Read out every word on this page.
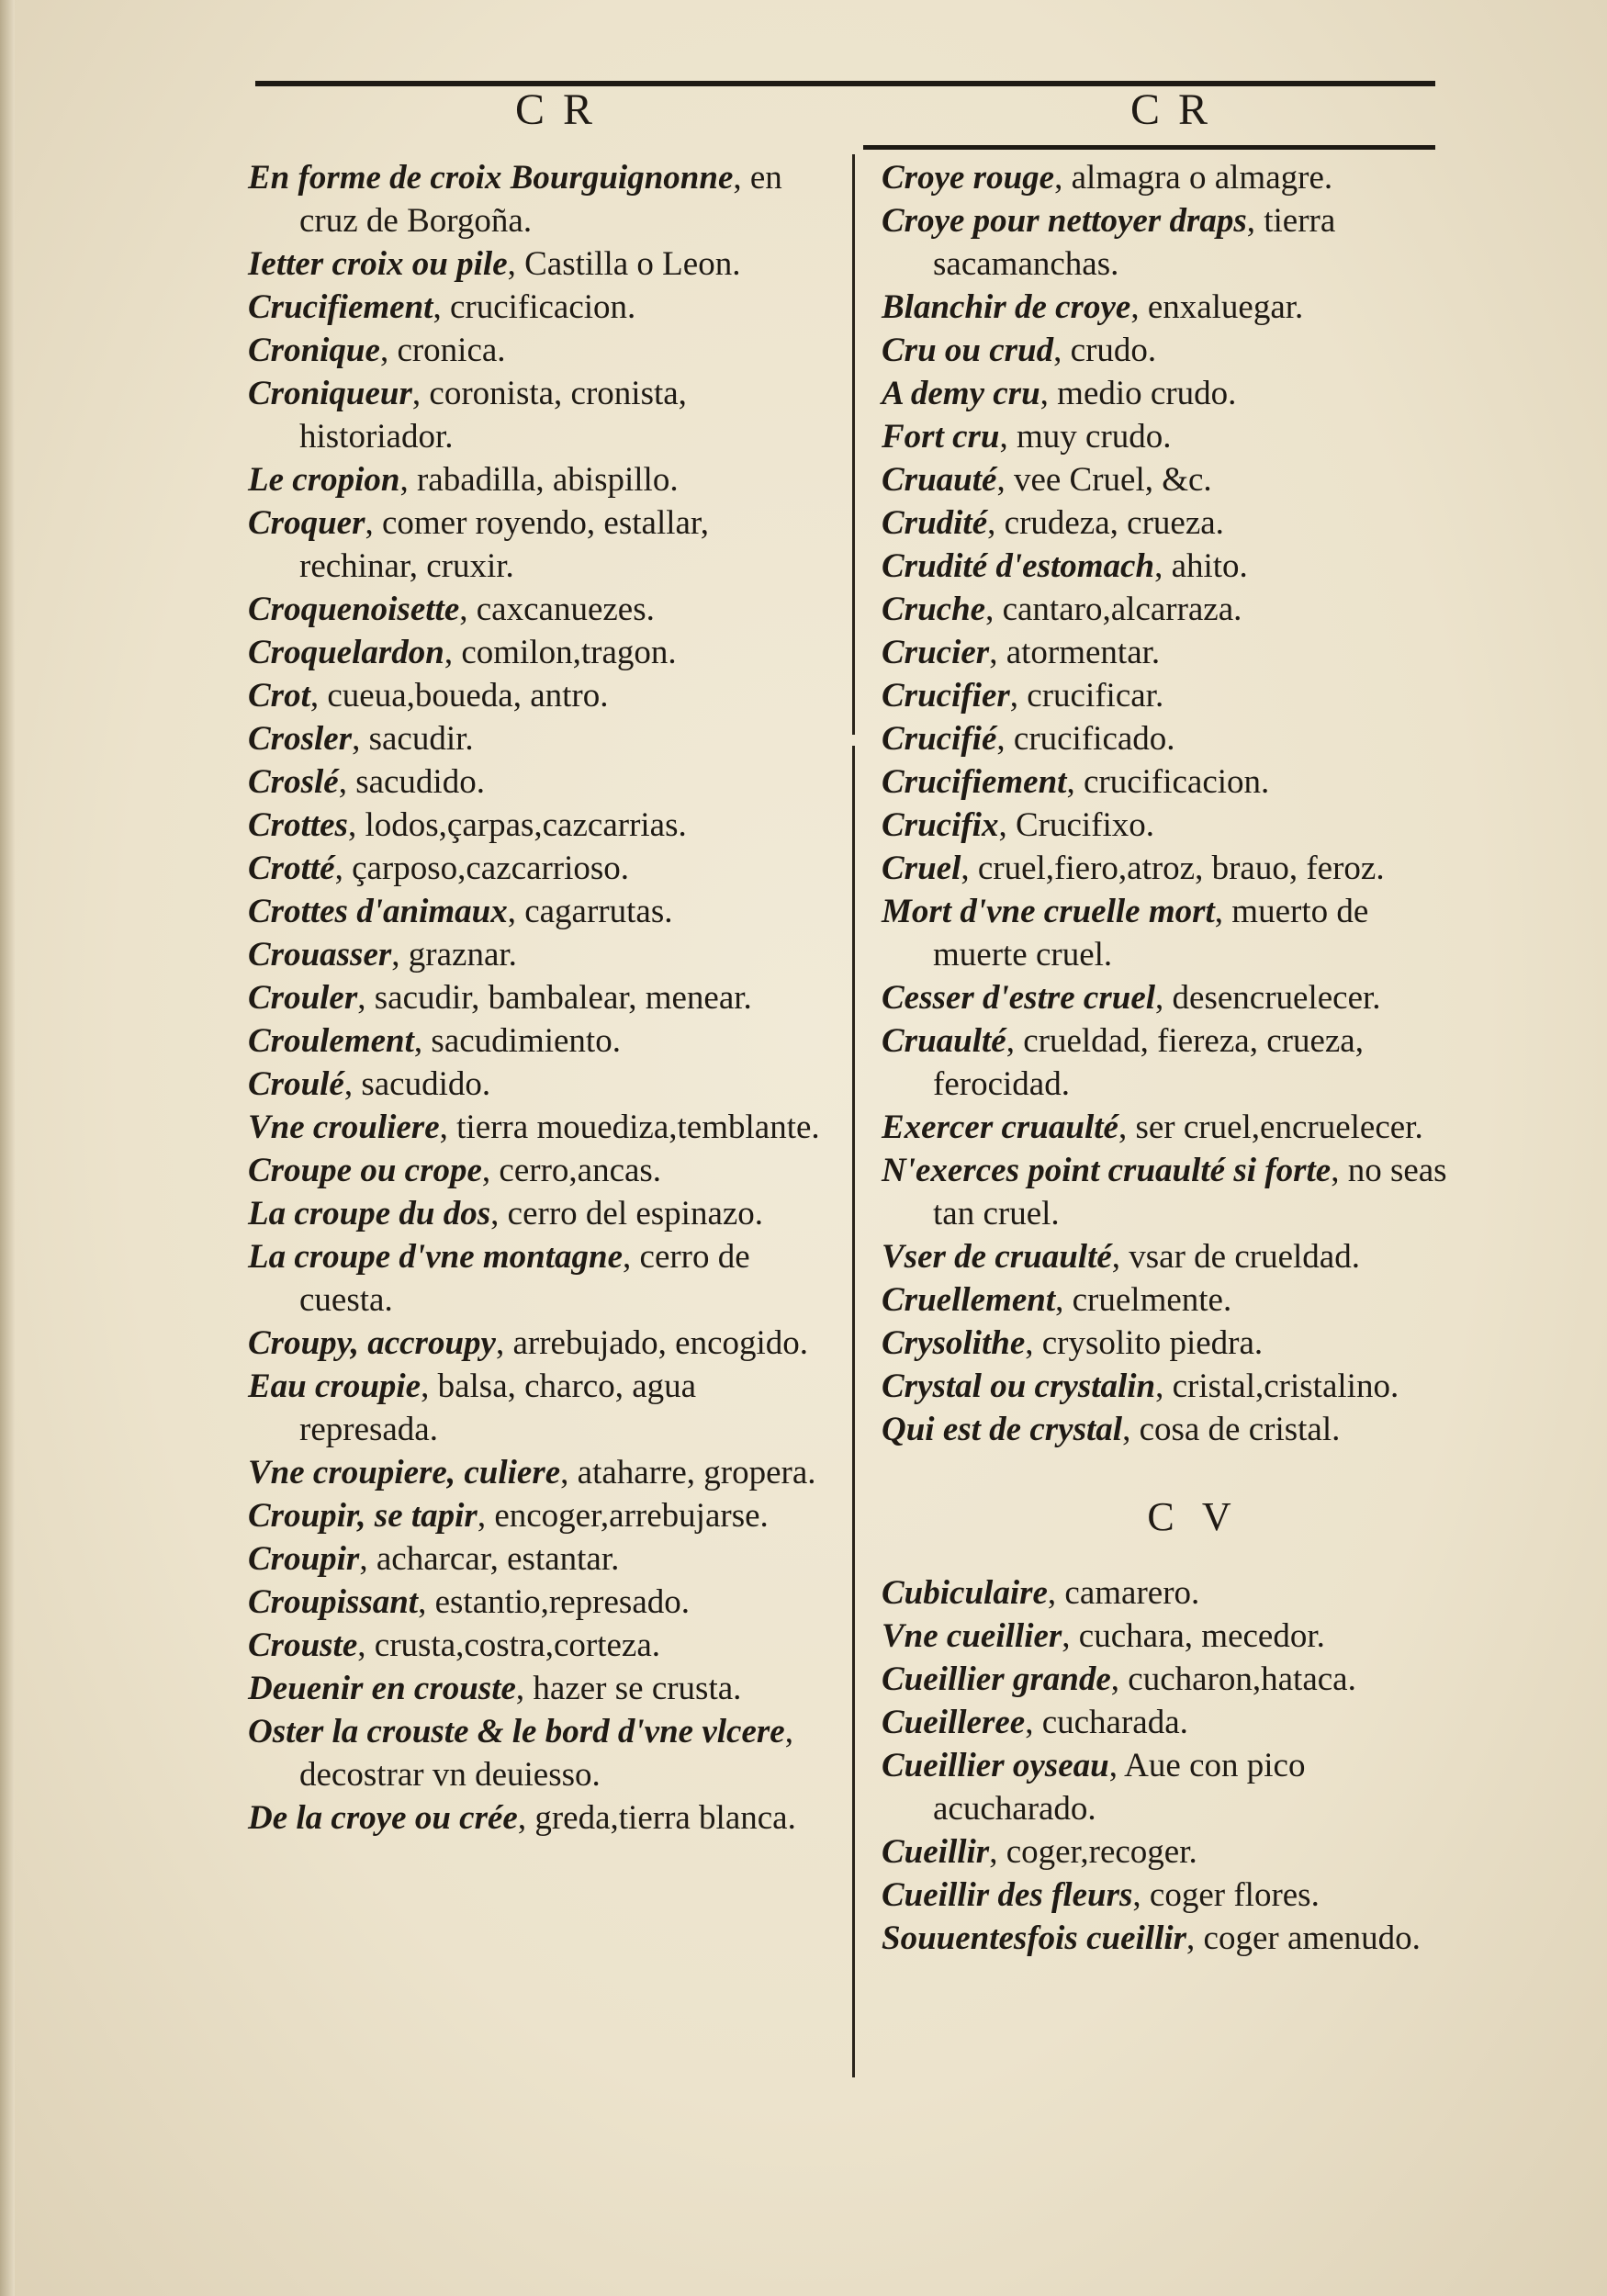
C R	C R

En forme de croix Bourguignonne, en cruz de Borgoña.

Ietter croix ou pile, Castilla o Leon.

Crucifiement, crucificacion.

Cronique, cronica.

Croniqueur, coronista, cronista, historiador.

Le cropion, rabadilla, abispillo.

Croquer, comer royendo, estallar, rechinar, cruxir.

Croquenoisette, caxcanuezes.

Croquelardon, comilon,tragon.

Crot, cueua,boueda, antro.

Crosler, sacudir.

Croslé, sacudido.

Crottes, lodos,çarpas,cazcarrias.

Crotté, çarposo,cazcarrioso.

Crottes d'animaux, cagarrutas.

Crouasser, graznar.

Crouler, sacudir, bambalear, menear.

Croulement, sacudimiento.

Croulé, sacudido.

Vne crouliere, tierra mouediza,temblante.

Croupe ou crope, cerro,ancas.

La croupe du dos, cerro del espinazo.

La croupe d'vne montagne, cerro de cuesta.

Croupy, accroupy, arrebujado, encogido.

Eau croupie, balsa, charco, agua represada.

Vne croupiere, culiere, ataharre, gropera.

Croupir, se tapir, encoger,arrebujarse.

Croupir, acharcar, estantar.

Croupissant, estantio,represado.

Crouste, crusta,costra,corteza.

Deuenir en crouste, hazer se crusta.

Oster la crouste & le bord d'vne vlcere, decostrar vn deuiesso.

De la croye ou crée, greda,tierra blanca.

Croye rouge, almagra o almagre.

Croye pour nettoyer draps, tierra sacamanchas.

Blanchir de croye, enxaluegar.

Cru ou crud, crudo.

A demy cru, medio crudo.

Fort cru, muy crudo.

Cruauté, vee Cruel, &c.

Crudité, crudeza, crueza.

Crudité d'estomach, ahito.

Cruche, cantaro,alcarraza.

Crucier, atormentar.

Crucifier, crucificar.

Crucifié, crucificado.

Crucifiement, crucificacion.

Crucifix, Crucifixo.

Cruel, cruel,fiero,atroz, brauo, feroz.

Mort d'vne cruelle mort, muerto de muerte cruel.

Cesser d'estre cruel, desencruelecer.

Cruaulté, crueldad, fiereza, crueza, ferocidad.

Exercer cruaulté, ser cruel,encruelecer.

N'exerces point cruaulté si forte, no seas tan cruel.

Vser de cruaulté, vsar de crueldad.

Cruellement, cruelmente.

Crysolithe, crysolito piedra.

Crystal ou crystalin, cristal,cristalino.

Qui est de crystal, cosa de cristal.

C V

Cubiculaire, camarero.

Vne cueillier, cuchara, mecedor.

Cueillier grande, cucharon,hataca.

Cueilleree, cucharada.

Cueillier oyseau, Aue con pico acucharado.

Cueillir, coger,recoger.

Cueillir des fleurs, coger flores.

Souuentesfois cueillir, coger amenudo.
